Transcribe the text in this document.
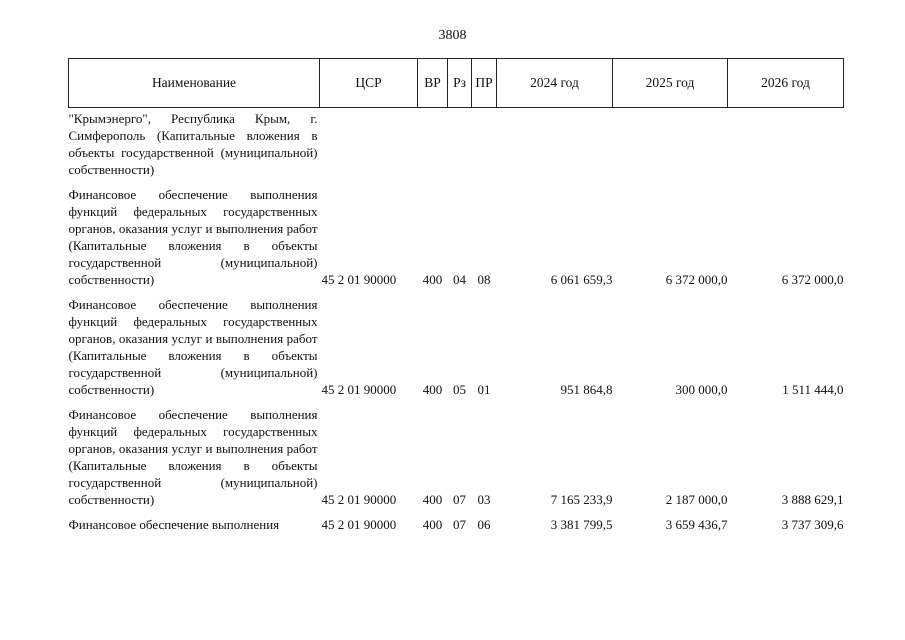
3808
Наименование	ЦСР	ВР	Рз	ПР	2024 год	2025 год	2026 год
"Крымэнерго", Республика Крым, г. Симферополь (Капитальные вложения в объекты государственной (муниципальной) собственности)							
Финансовое обеспечение выполнения функций федеральных государственных органов, оказания услуг и выполнения работ (Капитальные вложения в объекты государственной (муниципальной) собственности)	45 2 01 90000	400	04	08	6 061 659,3	6 372 000,0	6 372 000,0
Финансовое обеспечение выполнения функций федеральных государственных органов, оказания услуг и выполнения работ (Капитальные вложения в объекты государственной (муниципальной) собственности)	45 2 01 90000	400	05	01	951 864,8	300 000,0	1 511 444,0
Финансовое обеспечение выполнения функций федеральных государственных органов, оказания услуг и выполнения работ (Капитальные вложения в объекты государственной (муниципальной) собственности)	45 2 01 90000	400	07	03	7 165 233,9	2 187 000,0	3 888 629,1
Финансовое обеспечение выполнения	45 2 01 90000	400	07	06	3 381 799,5	3 659 436,7	3 737 309,6
